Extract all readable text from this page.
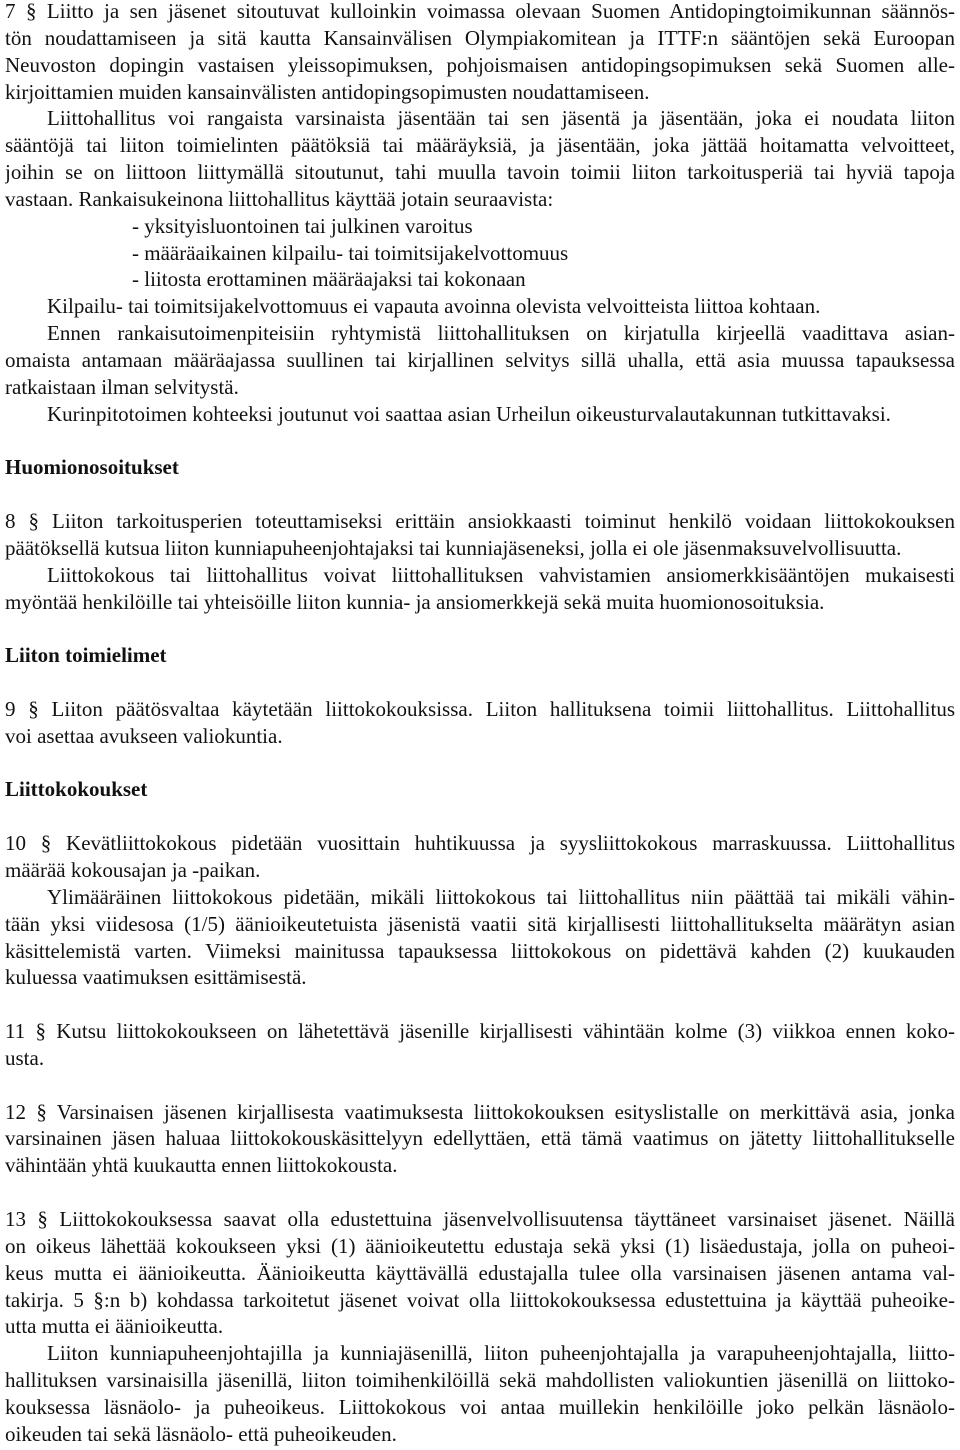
7 § Liitto ja sen jäsenet sitoutuvat kulloinkin voimassa olevaan Suomen Antidopingtoimikunnan säännös-
tön noudattamiseen ja sitä kautta Kansainvälisen Olympiakomitean ja ITTF:n sääntöjen sekä Euroopan
Neuvoston dopingin vastaisen yleissopimuksen, pohjoismaisen antidopingsopimuksen sekä Suomen alle-
kirjoittamien muiden kansainvälisten antidopingsopimusten noudattamiseen.
Liittohallitus voi rangaista varsinaista jäsentään tai sen jäsentä ja jäsentään, joka ei noudata liiton
sääntöjä tai liiton toimielinten päätöksiä tai määräyksiä, ja jäsentään, joka jättää hoitamatta velvoitteet,
joihin se on liittoon liittymällä sitoutunut, tahi muulla tavoin toimii liiton tarkoitusperiä tai hyviä tapoja
vastaan. Rankaisukeinona liittohallitus käyttää jotain seuraavista:
- yksityisluontoinen tai julkinen varoitus
- määräaikainen kilpailu- tai toimitsijakelvottomuus
- liitosta erottaminen määräajaksi tai kokonaan
Kilpailu- tai toimitsijakelvottomuus ei vapauta avoinna olevista velvoitteista liittoa kohtaan.
Ennen rankaisutoimenpiteisiin ryhtymistä liittohallituksen on kirjatulla kirjeellä vaadittava asian-
omaista antamaan määräajassa suullinen tai kirjallinen selvitys sillä uhalla, että asia muussa tapauksessa
ratkaistaan ilman selvitystä.
Kurinpitotoimen kohteeksi joutunut voi saattaa asian Urheilun oikeusturvalautakunnan tutkittavaksi.
Huomionosoitukset
8 § Liiton tarkoitusperien toteuttamiseksi erittäin ansiokkaasti toiminut henkilö voidaan liittokokouksen
päätöksellä kutsua liiton kunniapuheenjohtajaksi tai kunniajäseneksi, jolla ei ole jäsenmaksuvelvollisuutta.
Liittokokous tai liittohallitus voivat liittohallituksen vahvistamien ansiomerkkisääntöjen mukaisesti
myöntää henkilöille tai yhteisöille liiton kunnia- ja ansiomerkkejä sekä muita huomionosoituksia.
Liiton toimielimet
9 § Liiton päätösvaltaa käytetään liittokokouksissa. Liiton hallituksena toimii liittohallitus. Liittohallitus
voi asettaa avukseen valiokuntia.
Liittokokoukset
10 § Kevätliittokokous pidetään vuosittain huhtikuussa ja syysliittokokous marraskuussa. Liittohallitus
määrää kokousajan ja -paikan.
Ylimääräinen liittokokous pidetään, mikäli liittokokous tai liittohallitus niin päättää tai mikäli vähin-
tään yksi viidesosa (1/5) äänioikeutetuista jäsenistä vaatii sitä kirjallisesti liittohallitukselta määrätyn asian
käsittelemistä varten. Viimeksi mainitussa tapauksessa liittokokous on pidettävä kahden (2) kuukauden
kuluessa vaatimuksen esittämisestä.
11 § Kutsu liittokokoukseen on lähetettävä jäsenille kirjallisesti vähintään kolme (3) viikkoa ennen koko-
usta.
12 § Varsinaisen jäsenen kirjallisesta vaatimuksesta liittokokouksen esityslistalle on merkittävä asia, jonka
varsinainen jäsen haluaa liittokokouskäsittelyyn edellyttäen, että tämä vaatimus on jätetty liittohallitukselle
vähintään yhtä kuukautta ennen liittokokousta.
13 § Liittokokouksessa saavat olla edustettuina jäsenvelvollisuutensa täyttäneet varsinaiset jäsenet. Näillä
on oikeus lähettää kokoukseen yksi (1) äänioikeutettu edustaja sekä yksi (1) lisäedustaja, jolla on puheoi-
keus mutta ei äänioikeutta. Äänioikeutta käyttävällä edustajalla tulee olla varsinaisen jäsenen antama val-
takirja. 5 §:n b) kohdassa tarkoitetut jäsenet voivat olla liittokokouksessa edustettuina ja käyttää puheoike-
utta mutta ei äänioikeutta.
Liiton kunniapuheenjohtajilla ja kunniajäsenillä, liiton puheenjohtajalla ja varapuheenjohtajalla, liitto-
hallituksen varsinaisilla jäsenillä, liiton toimihenkilöillä sekä mahdollisten valiokuntien jäsenillä on liittoko-
kouksessa läsnäolo- ja puheoikeus. Liittokokous voi antaa muillekin henkilöille joko pelkän läsnäolo-
oikeuden tai sekä läsnäolo- että puheoikeuden.
